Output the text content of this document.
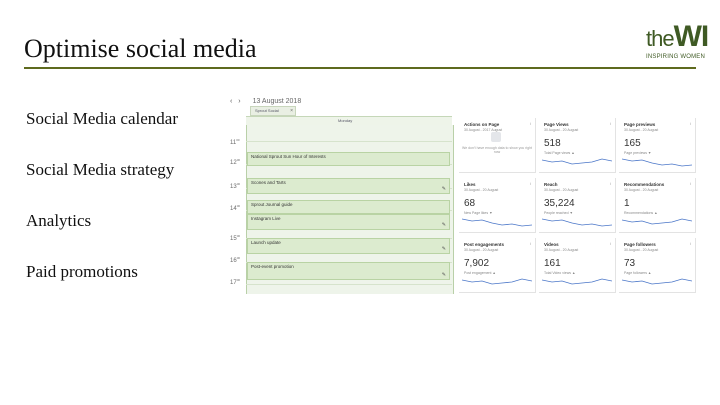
Optimise social media	theWI
INSPIRING WOMEN
Social Media calendar
Social Media strategy
Analytics
Paid promotions
‹ › 13 August 2018
Sprout Social ×
Monday
$11^{00}$
$12^{00}$
$13^{00}$
$14^{00}$
$15^{00}$
$16^{00}$
$17^{00}$
National Sprout Sun Hour of Interests
Scones and Tarts
✎
Sprout Journal guide
Instagram Live
✎
Launch update
✎
Post-event promotion
✎
Actions on Page
30 August - 2017 August
i
We don't have enough data to show you right now
Page Views
30 August - 20 August
i
518
Total Page views ▲
Page previews
30 August - 20 August
i
165
Page previews ▼
Likes
30 August - 20 August
i
68
New Page likes ▼
Reach
30 August - 20 August
i
35,224
People reached ▼
Recommendations
30 August - 20 August
i
1
Recommendations ▲
Post engagements
30 August - 20 August
i
7,902
Post engagement ▲
Videos
30 August - 20 August
i
161
Total Video views ▲
Page followers
30 August - 20 August
i
73
Page followers ▲
